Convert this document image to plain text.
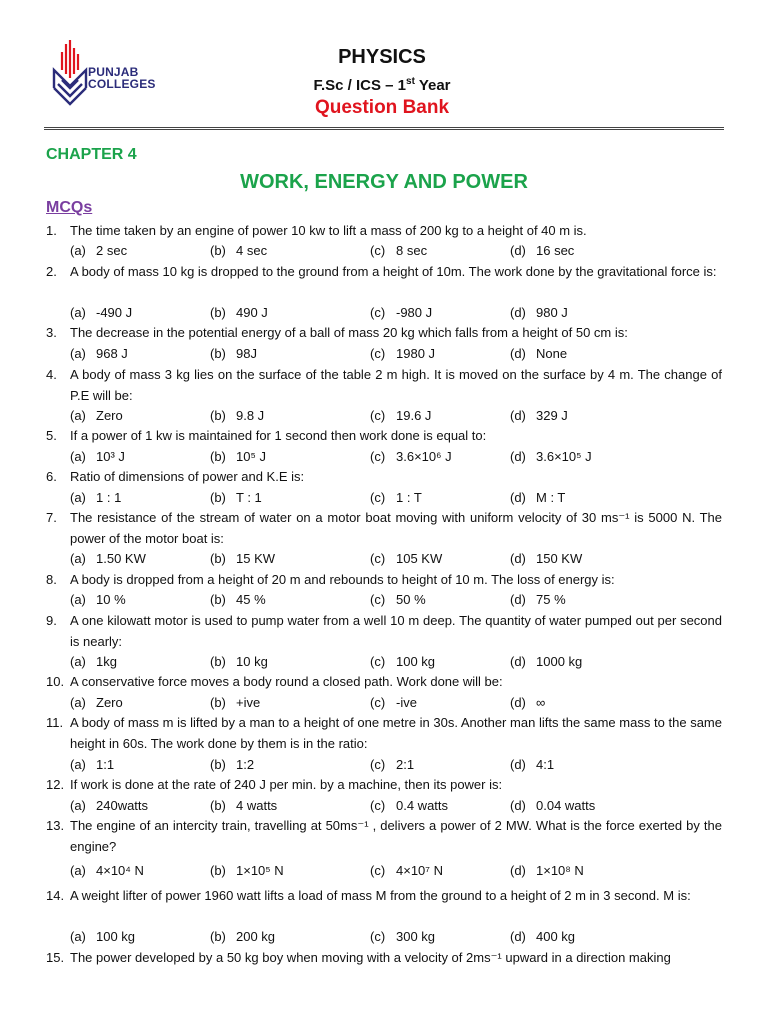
PUNJAB
COLLEGES
PHYSICS
F.Sc / ICS – 1st Year
Question Bank
CHAPTER 4
WORK, ENERGY AND POWER
MCQs
1. The time taken by an engine of power 10 kw to lift a mass of 200 kg to a height of 40 m is.
(a) 2 sec	(b) 4 sec	(c) 8 sec	(d) 16 sec
2. A body of mass 10 kg is dropped to the ground from a height of 10m. The work done by the gravitational force is:
(a) -490 J	(b) 490 J	(c) -980 J	(d) 980 J
3. The decrease in the potential energy of a ball of mass 20 kg which falls from a height of 50 cm is:
(a) 968 J	(b) 98J	(c) 1980 J	(d) None
4. A body of mass 3 kg lies on the surface of the table 2 m high. It is moved on the surface by 4 m. The change of P.E will be:
(a) Zero	(b) 9.8 J	(c) 19.6 J	(d) 329 J
5. If a power of 1 kw is maintained for 1 second then work done is equal to:
(a) 10³ J	(b) 10⁵ J	(c) 3.6×10⁶ J	(d) 3.6×10⁵ J
6. Ratio of dimensions of power and K.E is:
(a) 1 : 1	(b) T : 1	(c) 1 : T	(d) M : T
7. The resistance of the stream of water on a motor boat moving with uniform velocity of 30 ms⁻¹ is 5000 N. The power of the motor boat is:
(a) 1.50 KW	(b) 15 KW	(c) 105 KW	(d) 150 KW
8. A body is dropped from a height of 20 m and rebounds to height of 10 m. The loss of energy is:
(a) 10 %	(b) 45 %	(c) 50 %	(d) 75 %
9. A one kilowatt motor is used to pump water from a well 10 m deep. The quantity of water pumped out per second is nearly:
(a) 1kg	(b) 10 kg	(c) 100 kg	(d) 1000 kg
10. A conservative force moves a body round a closed path. Work done will be:
(a) Zero	(b) +ive	(c) -ive	(d) ∞
11. A body of mass m is lifted by a man to a height of one metre in 30s. Another man lifts the same mass to the same height in 60s. The work done by them is in the ratio:
(a) 1:1	(b) 1:2	(c) 2:1	(d) 4:1
12. If work is done at the rate of 240 J per min. by a machine, then its power is:
(a) 240watts	(b) 4 watts	(c) 0.4 watts	(d) 0.04 watts
13. The engine of an intercity train, travelling at 50ms⁻¹ , delivers a power of 2 MW. What is the force exerted by the engine?
(a) 4×10⁴ N	(b) 1×10⁵ N	(c) 4×10⁷ N	(d) 1×10⁸ N
14. A weight lifter of power 1960 watt lifts a load of mass M from the ground to a height of 2 m in 3 second. M is:
(a) 100 kg	(b) 200 kg	(c) 300 kg	(d) 400 kg
15. The power developed by a 50 kg boy when moving with a velocity of 2ms⁻¹ upward in a direction making
